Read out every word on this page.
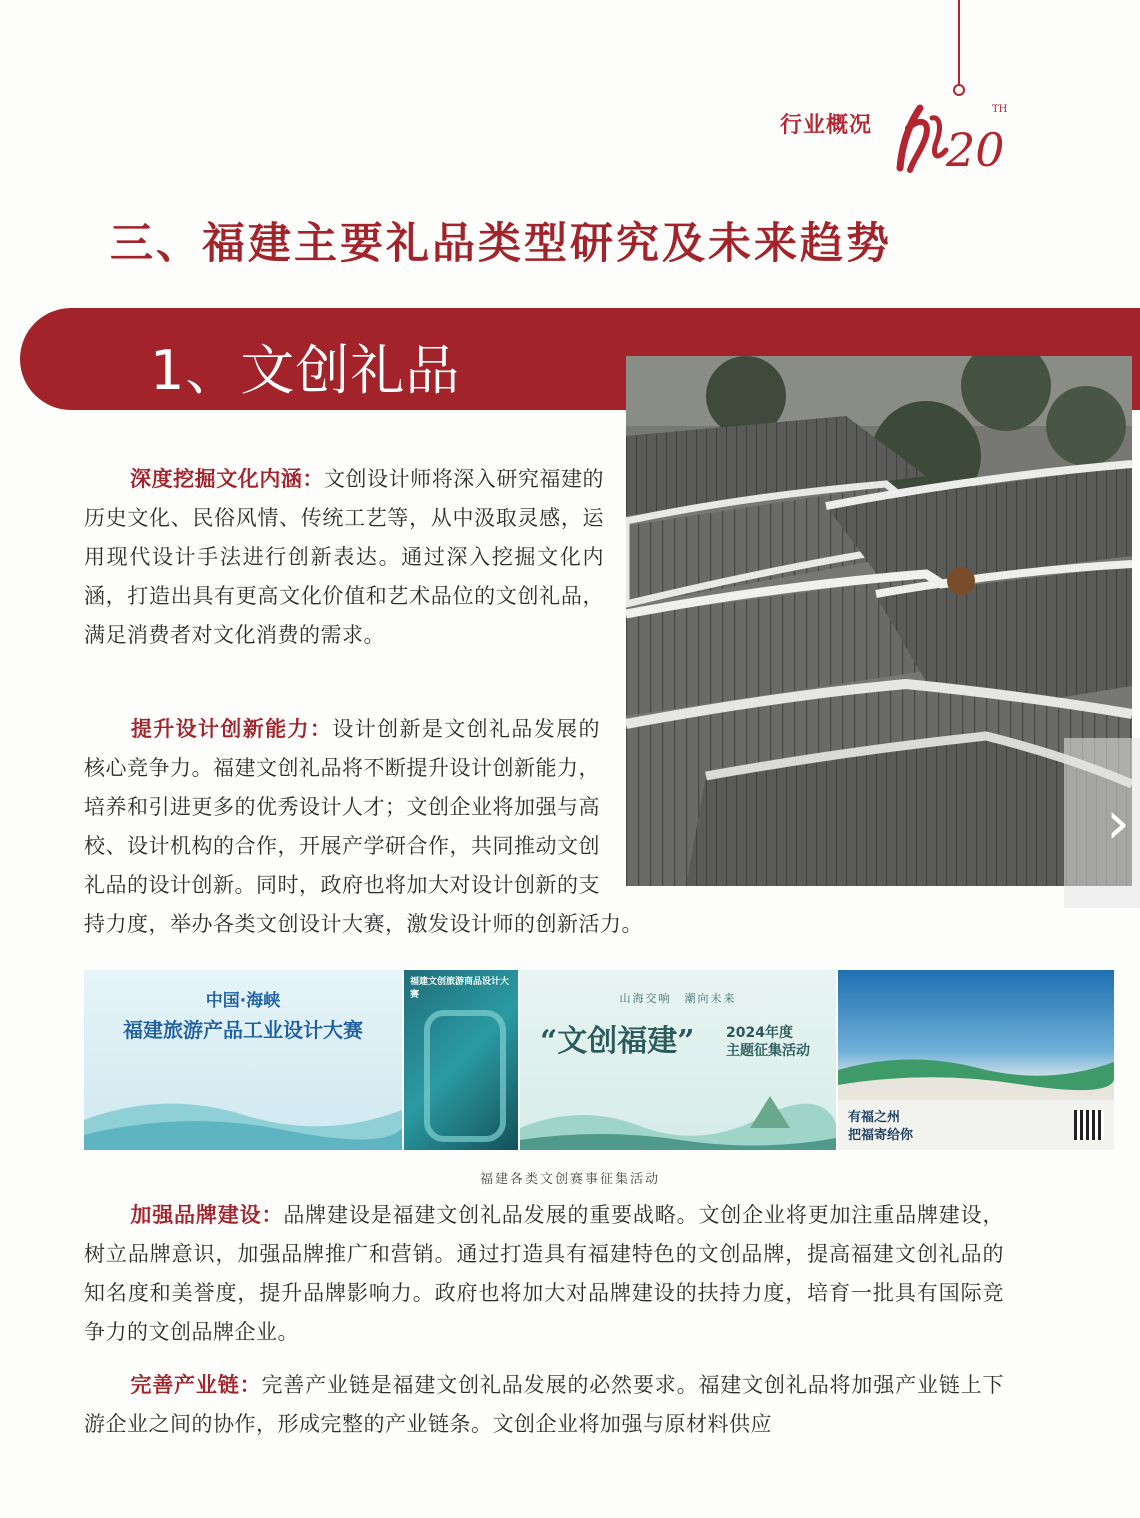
行业概况 20
TH
三、福建主要礼品类型研究及未来趋势
1、文创礼品
›
深度挖掘文化内涵：文创设计师将深入研究福建的历史文化、民俗风情、传统工艺等，从中汲取灵感，运用现代设计手法进行创新表达。通过深入挖掘文化内涵，打造出具有更高文化价值和艺术品位的文创礼品，满足消费者对文化消费的需求。
提升设计创新能力：设计创新是文创礼品发展的核心竞争力。福建文创礼品将不断提升设计创新能力，培养和引进更多的优秀设计人才；文创企业将加强与高校、设计机构的合作，开展产学研合作，共同推动文创礼品的设计创新。同时，政府也将加大对设计创新的支持力度，举办各类文创设计大赛，激发设计师的创新活力。
中国·海峡
福建旅游产品工业设计大赛
福建文创旅游商品设计大赛	山海交响　潮向未来
“文创福建” 2024年度
主题征集活动
有福之州
把福寄给你
福建各类文创赛事征集活动
加强品牌建设：品牌建设是福建文创礼品发展的重要战略。文创企业将更加注重品牌建设，树立品牌意识，加强品牌推广和营销。通过打造具有福建特色的文创品牌，提高福建文创礼品的知名度和美誉度，提升品牌影响力。政府也将加大对品牌建设的扶持力度，培育一批具有国际竞争力的文创品牌企业。
完善产业链：完善产业链是福建文创礼品发展的必然要求。福建文创礼品将加强产业链上下游企业之间的协作，形成完整的产业链条。文创企业将加强与原材料供应
